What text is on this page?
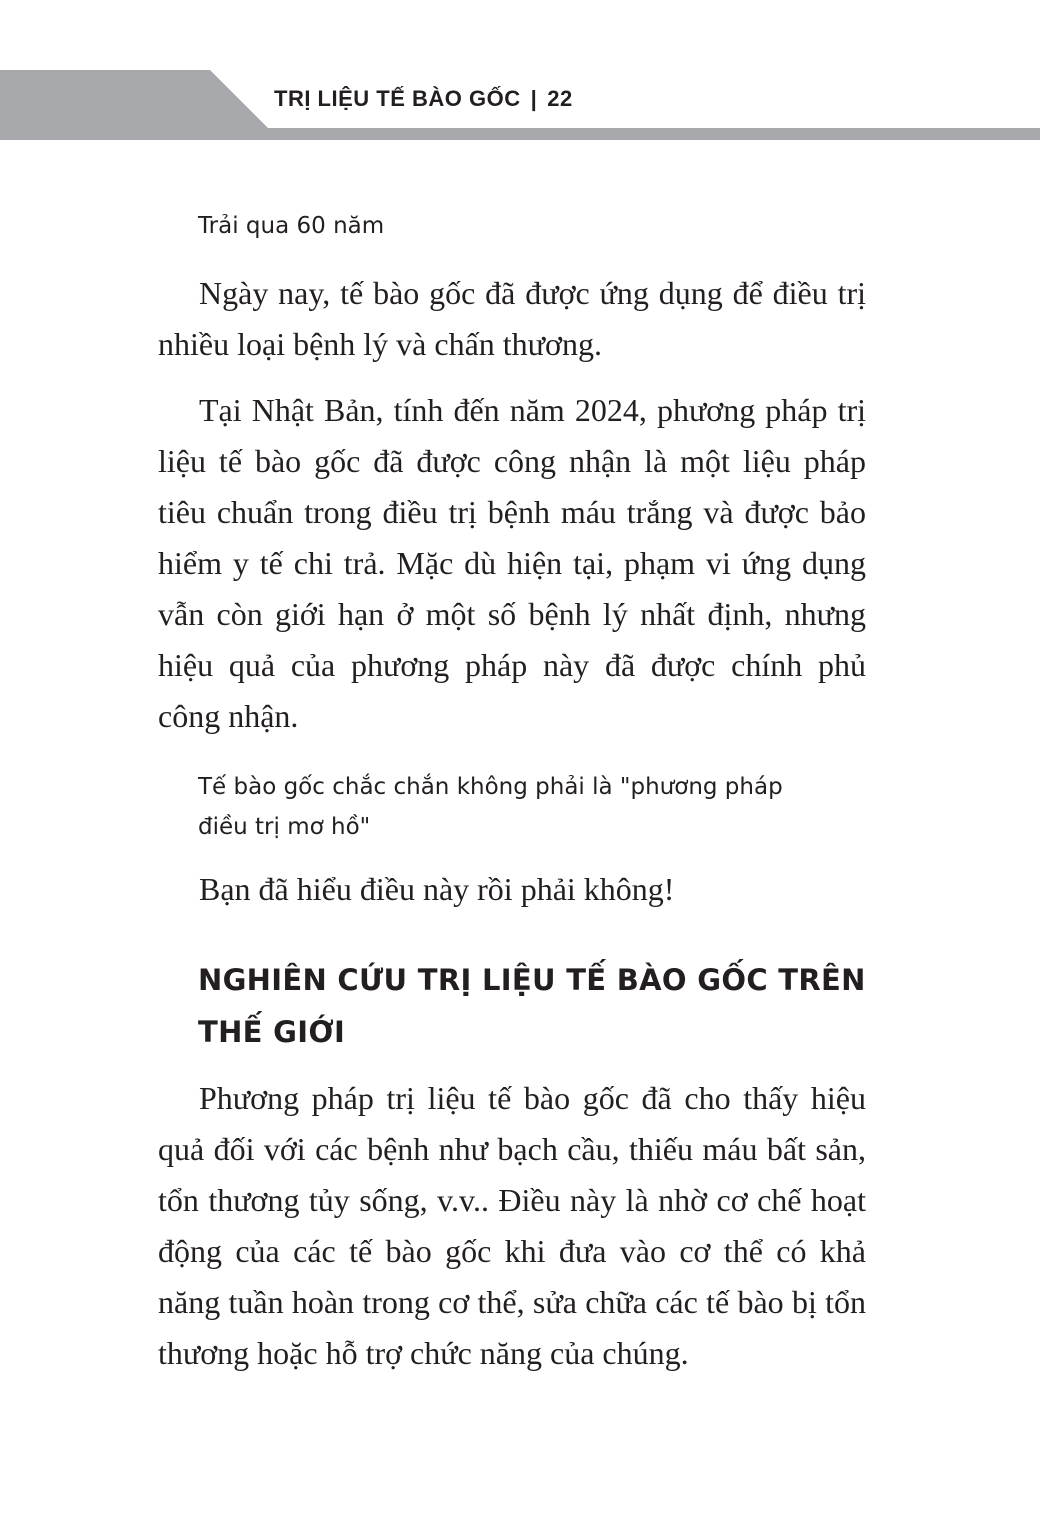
TRỊ LIỆU TẾ BÀO GỐC | 22
Trải qua 60 năm

Ngày nay, tế bào gốc đã được ứng dụng để điều trị nhiều loại bệnh lý và chấn thương.

Tại Nhật Bản, tính đến năm 2024, phương pháp trị liệu tế bào gốc đã được công nhận là một liệu pháp tiêu chuẩn trong điều trị bệnh máu trắng và được bảo hiểm y tế chi trả. Mặc dù hiện tại, phạm vi ứng dụng vẫn còn giới hạn ở một số bệnh lý nhất định, nhưng hiệu quả của phương pháp này đã được chính phủ công nhận.

Tế bào gốc chắc chắn không phải là "phương pháp
điều trị mơ hồ"

Bạn đã hiểu điều này rồi phải không!

NGHIÊN CỨU TRỊ LIỆU TẾ BÀO GỐC TRÊN
THẾ GIỚI

Phương pháp trị liệu tế bào gốc đã cho thấy hiệu quả đối với các bệnh như bạch cầu, thiếu máu bất sản, tổn thương tủy sống, v.v.. Điều này là nhờ cơ chế hoạt động của các tế bào gốc khi đưa vào cơ thể có khả năng tuần hoàn trong cơ thể, sửa chữa các tế bào bị tổn thương hoặc hỗ trợ chức năng của chúng.
